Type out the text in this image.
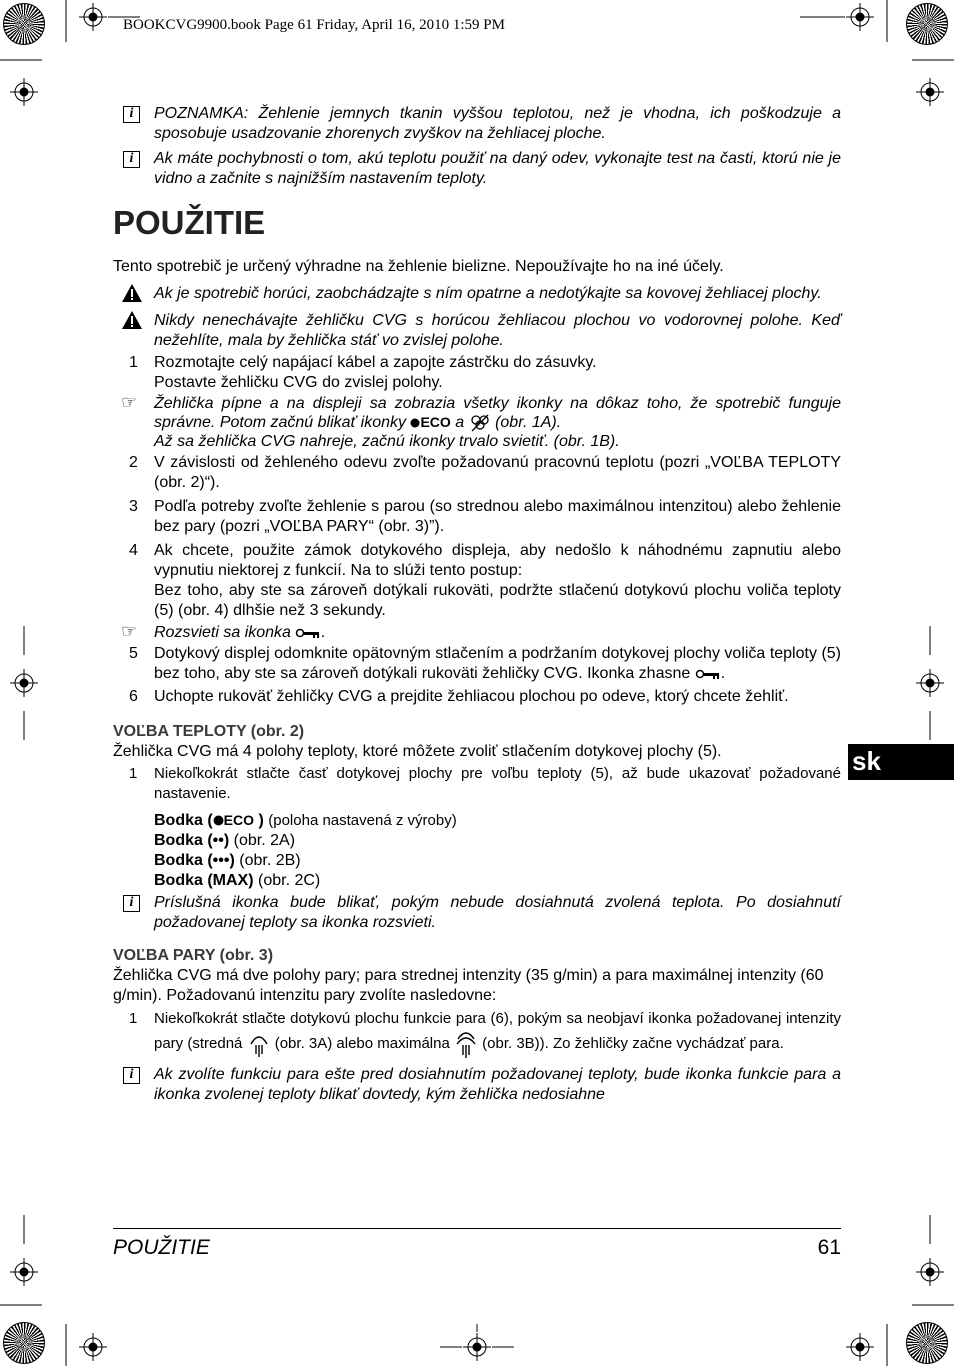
BOOKCVG9900.book Page 61 Friday, April 16, 2010 1:59 PM
i	POZNAMKA: Žehlenie jemnych tkanin vyššou teplotou, než je vhodna, ich poškodzuje a sposobuje usadzovanie zhorenych zvyškov na žehliacej ploche.
i	Ak máte pochybnosti o tom, akú teplotu použiť na daný odev, vykonajte test na časti, ktorú nie je vidno a začnite s najnižším nastavením teploty.
POUŽITIE
Tento spotrebič je určený výhradne na žehlenie bielizne. Nepoužívajte ho na iné účely.
Ak je spotrebič horúci, zaobchádzajte s ním opatrne a nedotýkajte sa kovovej žehliacej plochy.
Nikdy nenechávajte žehličku CVG s horúcou žehliacou plochou vo vodorovnej polohe. Keď nežehlíte, mala by žehlička stáť vo zvislej polohe.
1 Rozmotajte celý napájací kábel a zapojte zástrčku do zásuvky.
Postavte žehličku CVG do zvislej polohy.
☞ Žehlička pípne a na displeji sa zobrazia všetky ikonky na dôkaz toho, že spotrebič funguje správne. Potom začnú blikať ikonky ECO a (obr. 1A).
Až sa žehlička CVG nahreje, začnú ikonky trvalo svietiť. (obr. 1B).
2 V závislosti od žehleného odevu zvoľte požadovanú pracovnú teplotu (pozri „VOĽBA TEPLOTY (obr. 2)“).
3 Podľa potreby zvoľte žehlenie s parou (so strednou alebo maximálnou intenzitou) alebo žehlenie bez pary (pozri „VOĽBA PARY“ (obr. 3)”).
4 Ak chcete, použite zámok dotykového displeja, aby nedošlo k náhodnému zapnutiu alebo vypnutiu niektorej z funkcií. Na to slúži tento postup:
Bez toho, aby ste sa zároveň dotýkali rukoväti, podržte stlačenú dotykovú plochu voliča teploty (5) (obr. 4) dlhšie než 3 sekundy.
☞ Rozsvieti sa ikonka .
5 Dotykový displej odomknite opätovným stlačením a podržaním dotykovej plochy voliča teploty (5) bez toho, aby ste sa zároveň dotýkali rukoväti žehličky CVG. Ikonka zhasne .
6 Uchopte rukoväť žehličky CVG a prejdite žehliacou plochou po odeve, ktorý chcete žehliť.
VOĽBA TEPLOTY (obr. 2)
Žehlička CVG má 4 polohy teploty, ktoré môžete zvoliť stlačením dotykovej plochy (5).
1 Niekoľkokrát stlačte časť dotykovej plochy pre voľbu teploty (5), až bude ukazovať požadované nastavenie.
Bodka ( ECO ) (poloha nastavená z výroby)
Bodka (••) (obr. 2A)
Bodka (•••) (obr. 2B)
Bodka (MAX) (obr. 2C)
i	Príslušná ikonka bude blikať, pokým nebude dosiahnutá zvolená teplota. Po dosiahnutí požadovanej teploty sa ikonka rozsvieti.
VOĽBA PARY (obr. 3)
Žehlička CVG má dve polohy pary; para strednej intenzity (35 g/min) a para maximálnej intenzity (60 g/min). Požadovanú intenzitu pary zvolíte nasledovne:
1 Niekoľkokrát stlačte dotykovú plochu funkcie para (6), pokým sa neobjaví ikonka požadovanej intenzity pary (stredná (obr. 3A) alebo maximálna (obr. 3B)). Zo žehličky začne vychádzať para.
i	Ak zvolíte funkciu para ešte pred dosiahnutím požadovanej teploty, bude ikonka funkcie para a ikonka zvolenej teploty blikať dovtedy, kým žehlička nedosiahne
sk
POUŽITIE	61
